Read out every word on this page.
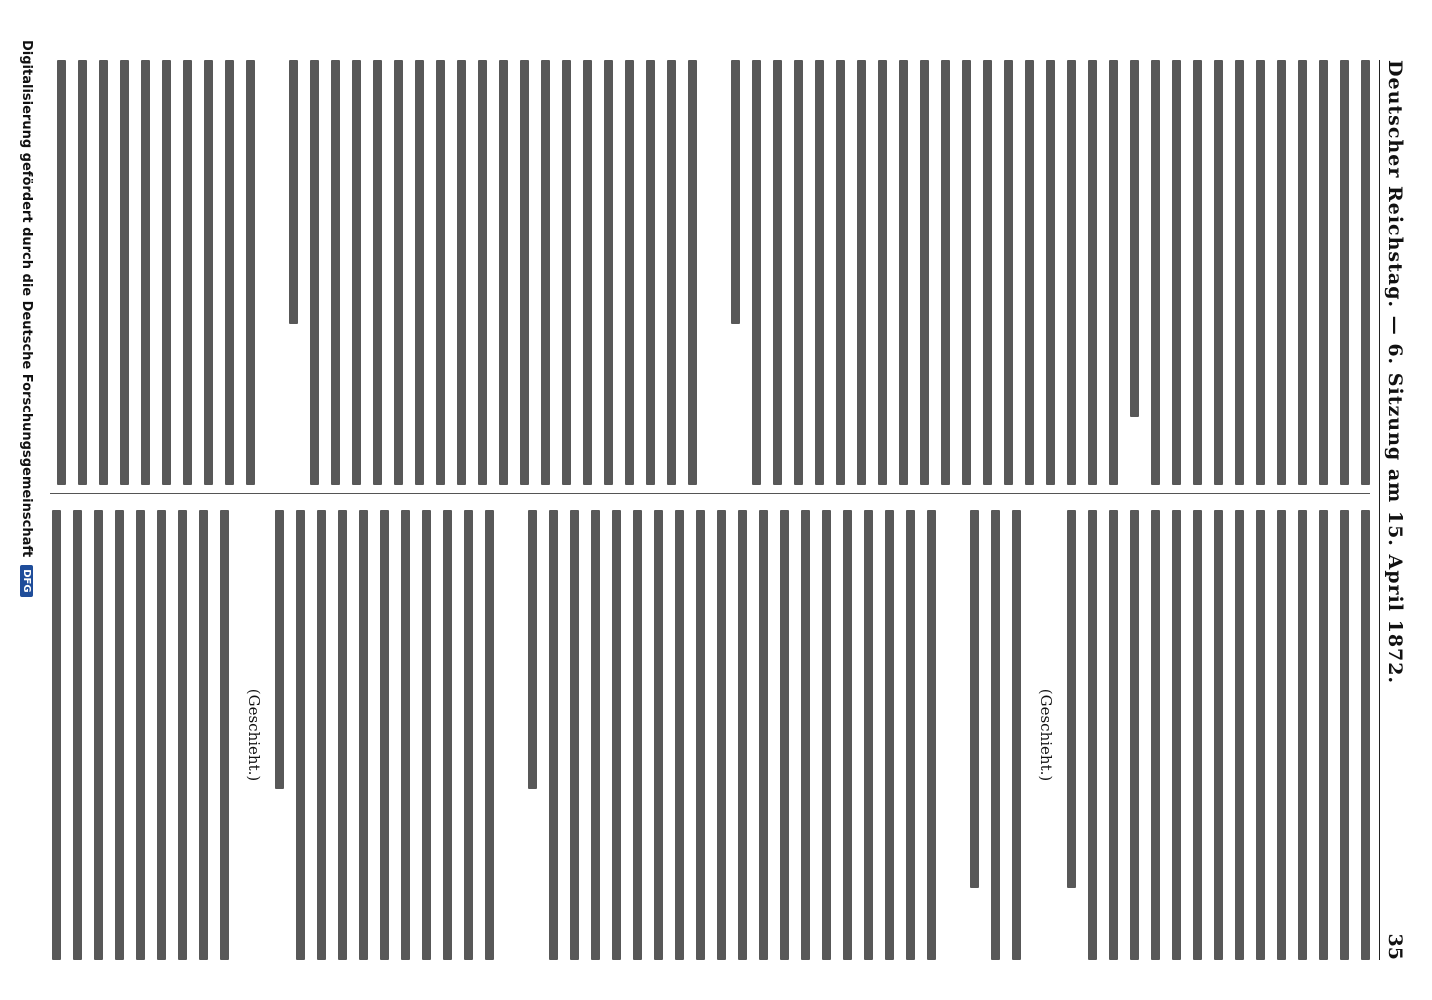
Deutscher Reichstag. — 6. Sitzung am 15. April 1872.
35
(Geschieht.)
(Geschieht.)
Digitalisierung gefördert durch die Deutsche Forschungsgemeinschaft
DFG
